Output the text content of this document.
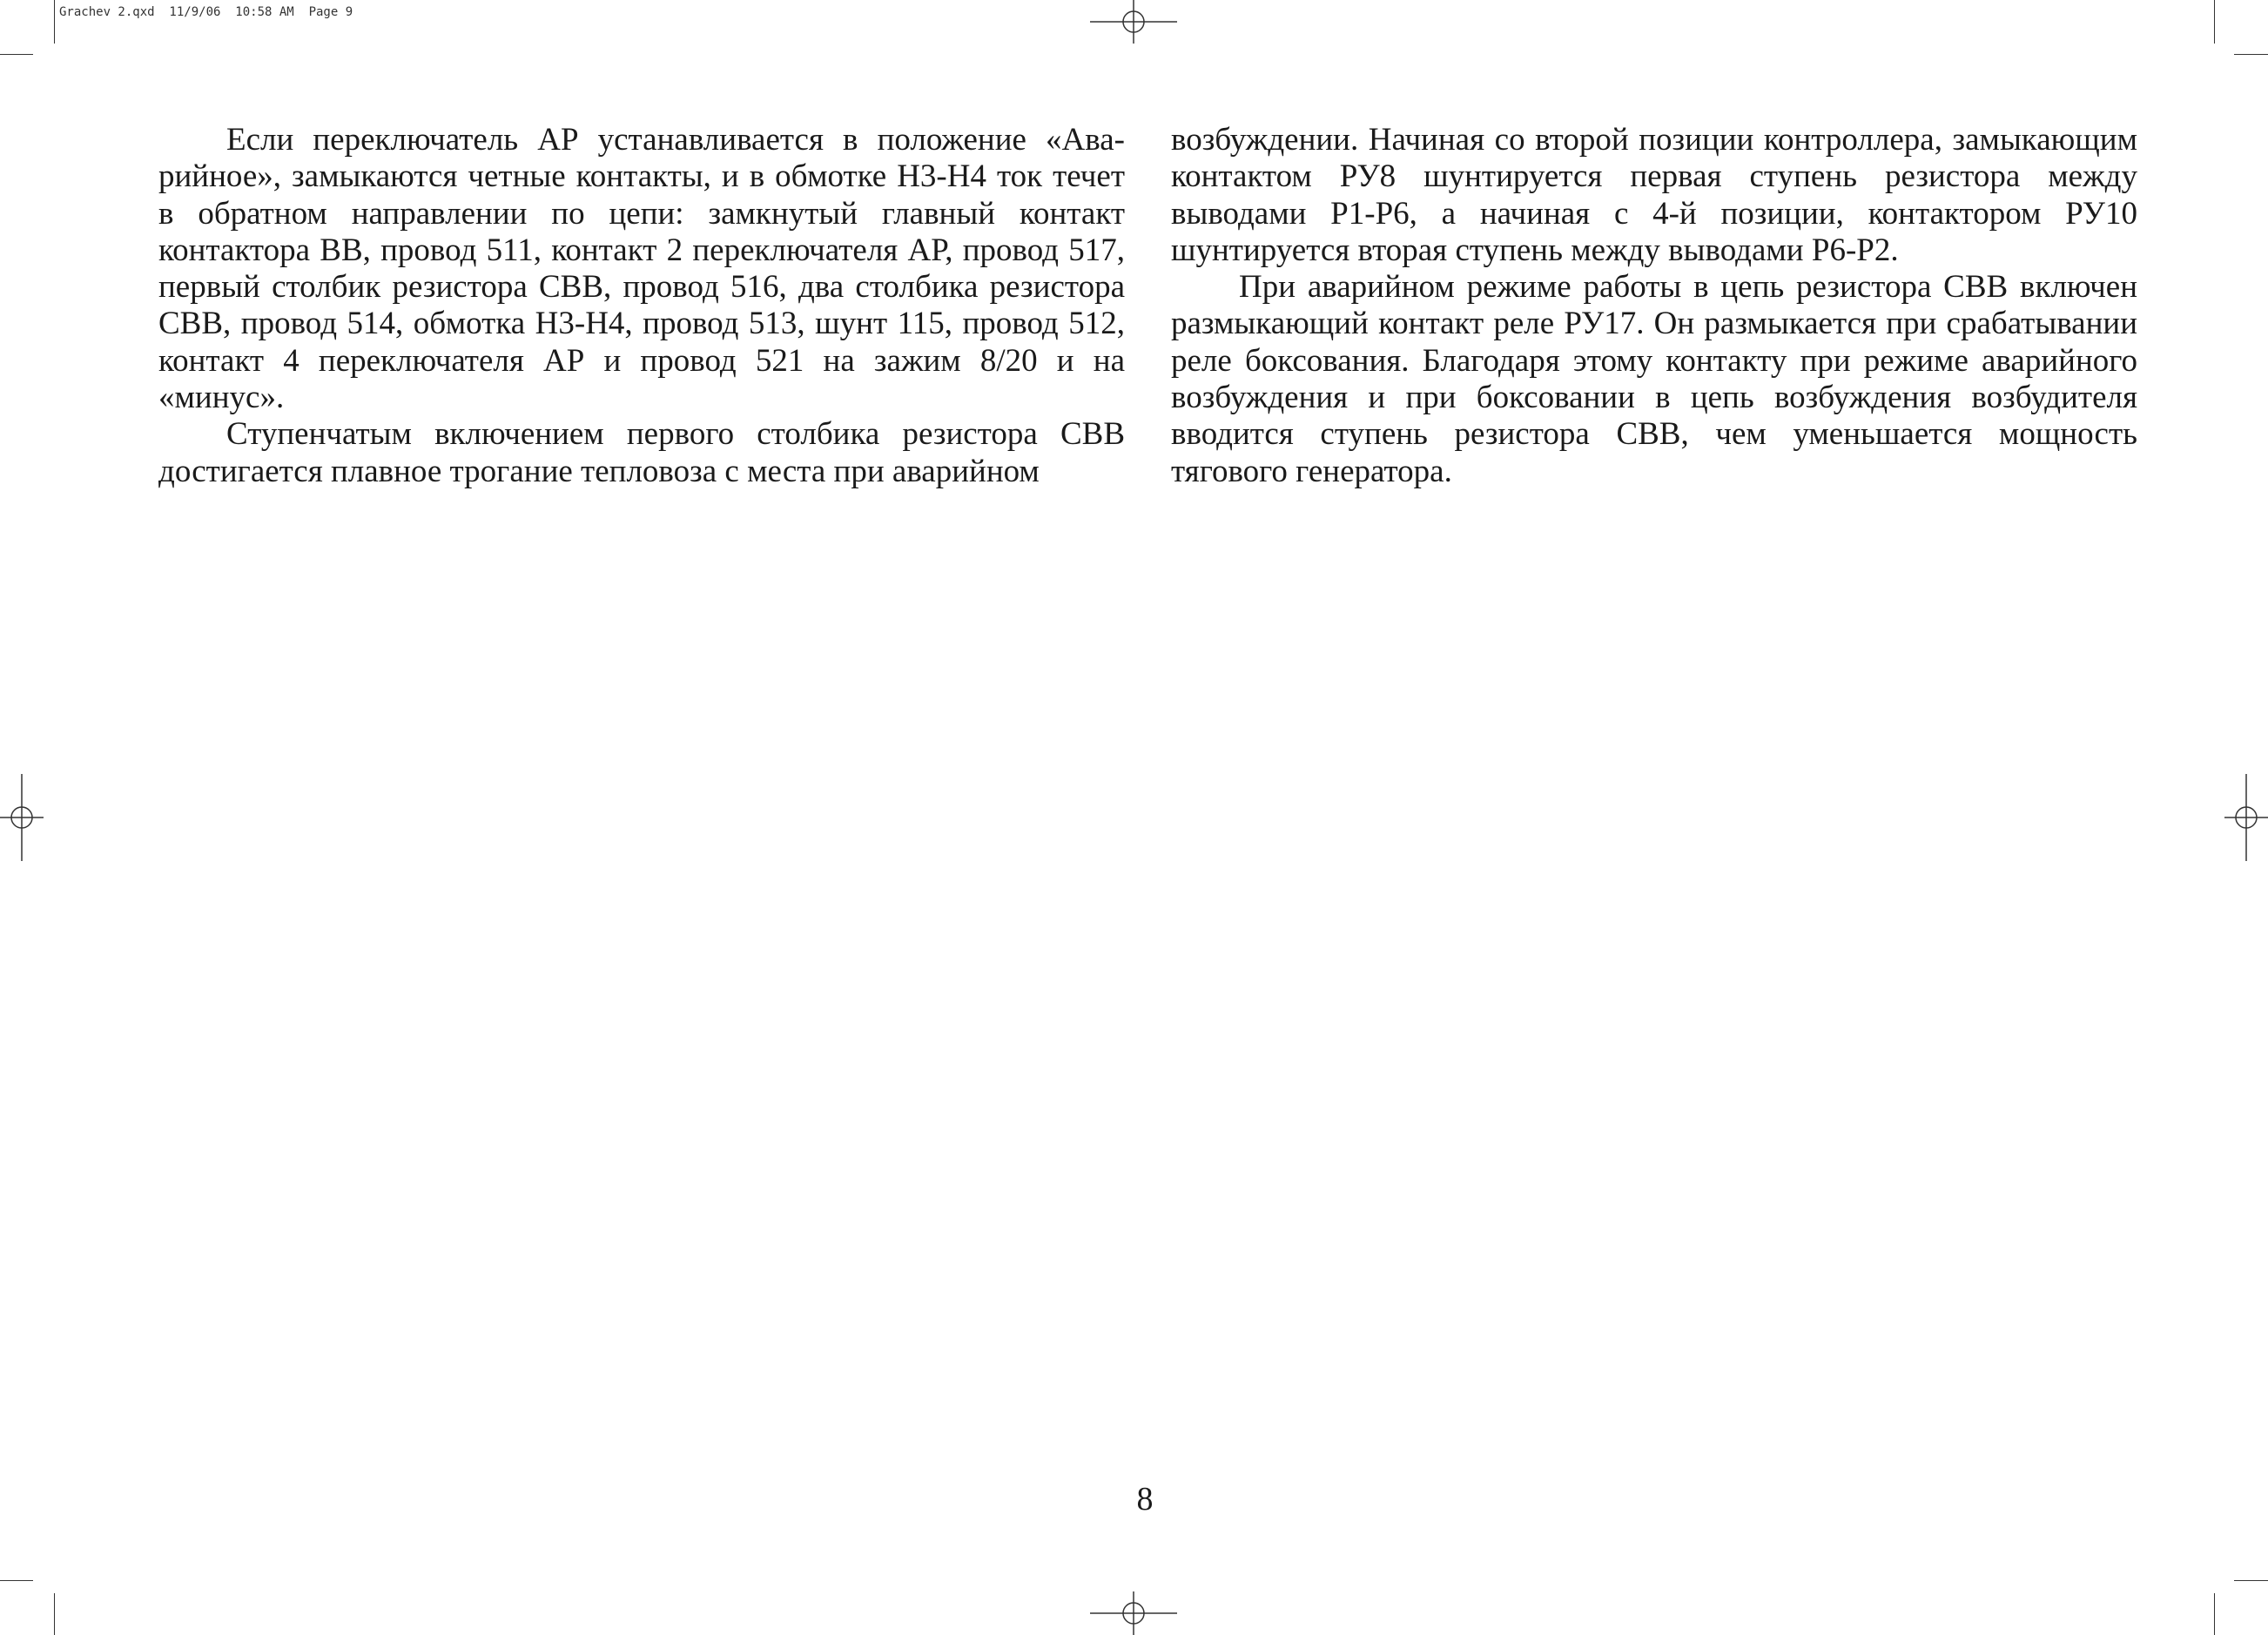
Grachev 2.qxd  11/9/06  10:58 AM  Page 9

Если переключатель АР устанавливается в положение «Аварийное», замыкаются четные контакты, и в обмотке Н3-Н4 ток течет в обратном направлении по цепи: замкнутый главный контакт контактора ВВ, провод 511, контакт 2 переключателя АР, провод 517, первый столбик резистора СВВ, провод 516, два столбика резистора СВВ, провод 514, обмотка Н3-Н4, провод 513, шунт 115, провод 512, контакт 4 переключателя АР и провод 521 на зажим 8/20 и на «минус».

Ступенчатым включением первого столбика резистора СВВ достигается плавное трогание тепловоза с места при аварийном

возбуждении. Начиная со второй позиции контроллера, замыкающим контактом РУ8 шунтируется первая ступень резистора между выводами Р1-Р6, а начиная с 4-й позиции, контактором РУ10 шунтируется вторая ступень между выводами Р6-Р2.

При аварийном режиме работы в цепь резистора СВВ включен размыкающий контакт реле РУ17. Он размыкается при срабатывании реле боксования. Благодаря этому контакту при режиме аварийного возбуждения и при боксовании в цепь возбуждения возбудителя вводится ступень резистора СВВ, чем уменьшается мощность тягового генератора.

8
